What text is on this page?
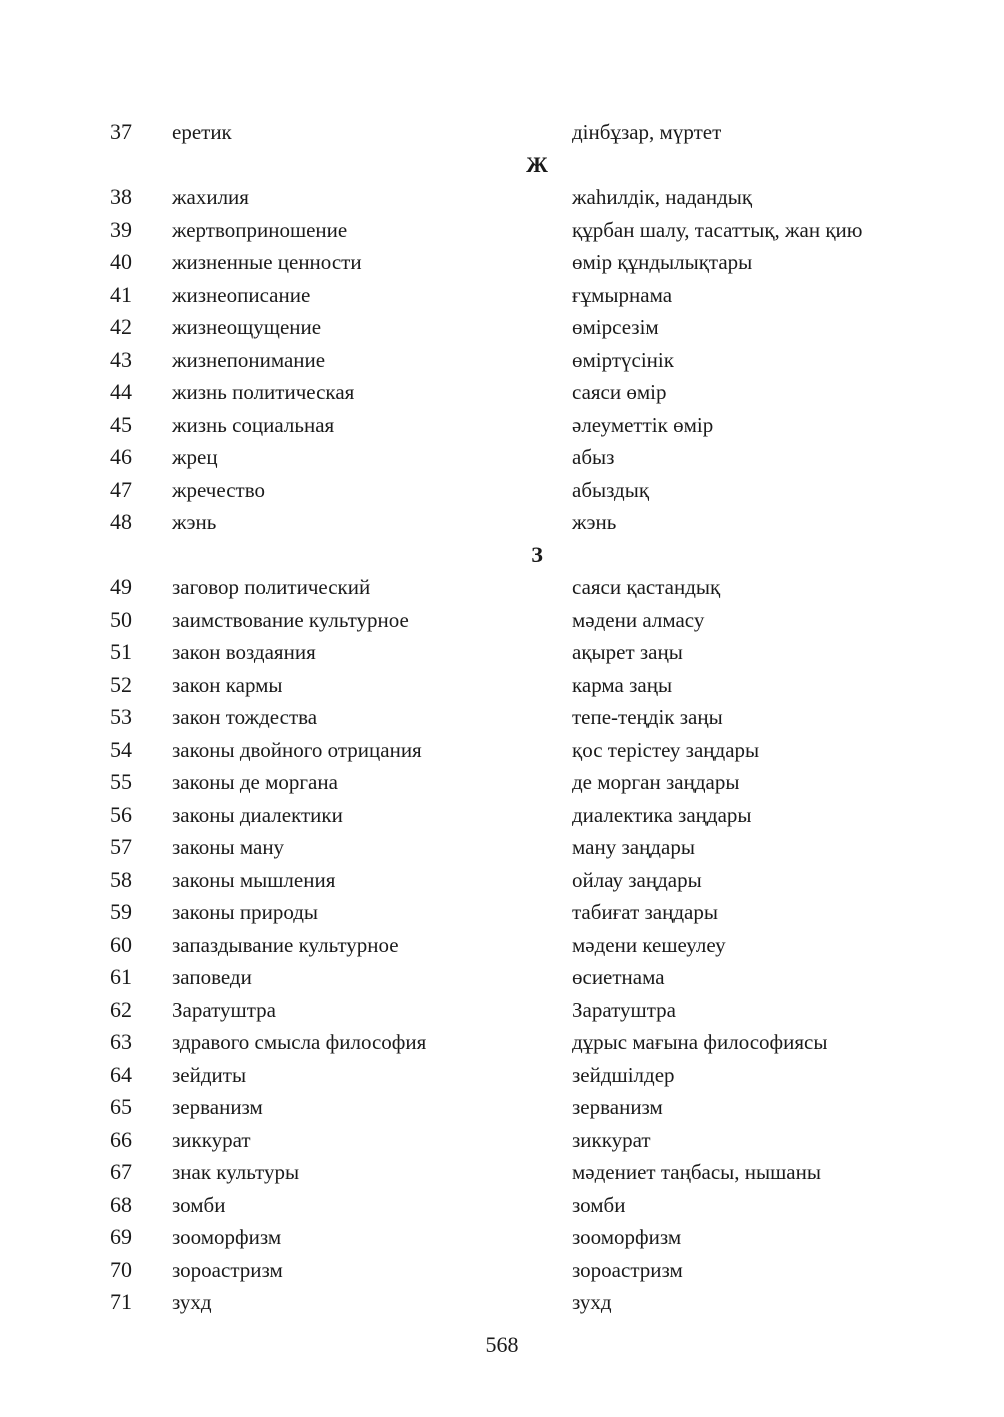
37	еретик	дінбұзар, мүртет
Ж
38	жахилия	жаһилдік, надандық
39	жертвоприношение	құрбан шалу, тасаттық, жан қию
40	жизненные ценности	өмір құндылықтары
41	жизнеописание	ғұмырнама
42	жизнеощущение	өмірсезім
43	жизнепонимание	өміртүсінік
44	жизнь политическая	саяси өмір
45	жизнь социальная	әлеуметтік өмір
46	жрец	абыз
47	жречество	абыздық
48	жэнь	жэнь
З
49	заговор политический	саяси қастандық
50	заимствование культурное	мәдени алмасу
51	закон воздаяния	ақырет заңы
52	закон кармы	карма заңы
53	закон тождества	тепе-теңдік заңы
54	законы двойного отрицания	қос терістеу заңдары
55	законы де моргана	де морган заңдары
56	законы диалектики	диалектика заңдары
57	законы ману	ману заңдары
58	законы мышления	ойлау заңдары
59	законы природы	табиғат заңдары
60	запаздывание культурное	мәдени кешеулеу
61	заповеди	өсиетнама
62	Заратуштра	Заратуштра
63	здравого смысла философия	дұрыс мағына философиясы
64	зейдиты	зейдшілдер
65	зерванизм	зерванизм
66	зиккурат	зиккурат
67	знак культуры	мәдениет таңбасы, нышаны
68	зомби	зомби
69	зооморфизм	зооморфизм
70	зороастризм	зороастризм
71	зухд	зухд
568
